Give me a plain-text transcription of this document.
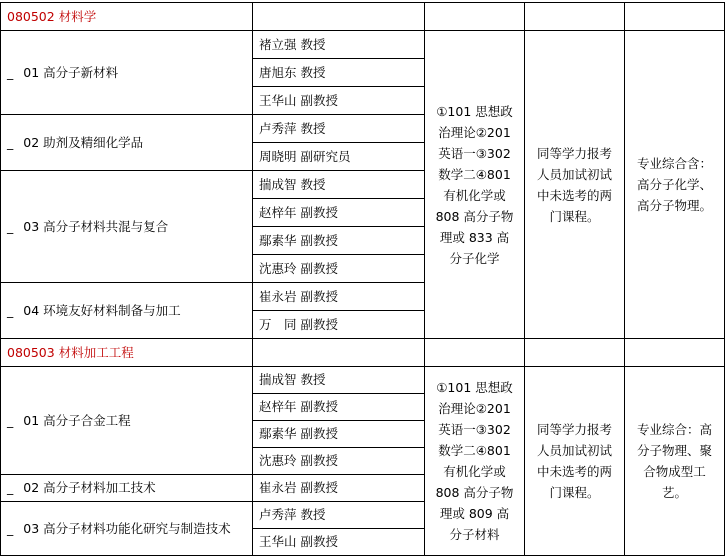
080502 材料学				
_ 01 高分子新材料	褚立强 教授	①101 思想政治理论②201 英语一③302 数学二④801 有机化学或 808 高分子物理或 833 高分子化学	同等学力报考人员加试初试中未选考的两门课程。	专业综合含：高分子化学、高分子物理。
	唐旭东 教授			
	王华山 副教授			
_ 02 助剂及精细化学品	卢秀萍 教授			
	周晓明 副研究员			
_ 03 高分子材料共混与复合	揣成智 教授			
	赵梓年 副教授			
	鄢素华 副教授			
	沈惠玲 副教授			
_ 04 环境友好材料制备与加工	崔永岩 副教授			
	万　同 副教授			
080503 材料加工工程				
_ 01 高分子合金工程	揣成智 教授	①101 思想政治理论②201 英语一③302 数学二④801 有机化学或 808 高分子物理或 809 高分子材料	同等学力报考人员加试初试中未选考的两门课程。	专业综合：高分子物理、聚合物成型工艺。
	赵梓年 副教授			
	鄢素华 副教授			
	沈惠玲 副教授			
_ 02 高分子材料加工技术	崔永岩 副教授			
_ 03 高分子材料功能化研究与制造技术	卢秀萍 教授			
	王华山 副教授			
